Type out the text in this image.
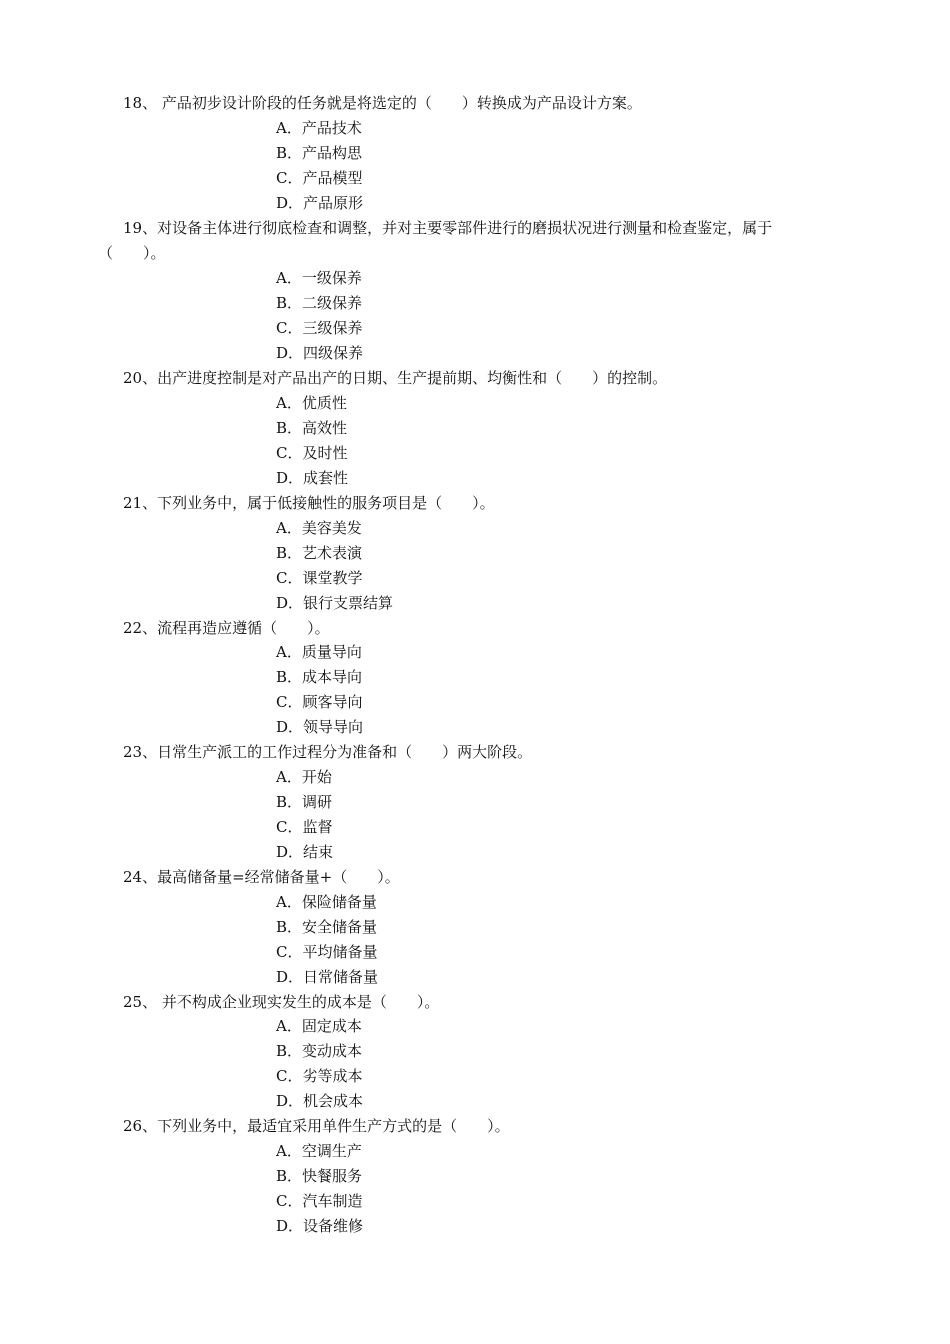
18、 产品初步设计阶段的任务就是将选定的（　　）转换成为产品设计方案。
A．产品技术
B．产品构思
C．产品模型
D．产品原形
19、对设备主体进行彻底检查和调整，并对主要零部件进行的磨损状况进行测量和检查鉴定，属于
（　　）。
A．一级保养
B．二级保养
C．三级保养
D．四级保养
20、出产进度控制是对产品出产的日期、生产提前期、均衡性和（　　）的控制。
A．优质性
B．高效性
C．及时性
D．成套性
21、下列业务中，属于低接触性的服务项目是（　　）。
A．美容美发
B．艺术表演
C．课堂教学
D．银行支票结算
22、流程再造应遵循（　　）。
A．质量导向
B．成本导向
C．顾客导向
D．领导导向
23、日常生产派工的工作过程分为准备和（　　）两大阶段。
A．开始
B．调研
C．监督
D．结束
24、最高储备量=经常储备量+（　　）。
A．保险储备量
B．安全储备量
C．平均储备量
D．日常储备量
25、 并不构成企业现实发生的成本是（　　）。
A．固定成本
B．变动成本
C．劣等成本
D．机会成本
26、下列业务中，最适宜采用单件生产方式的是（　　）。
A．空调生产
B．快餐服务
C．汽车制造
D．设备维修
